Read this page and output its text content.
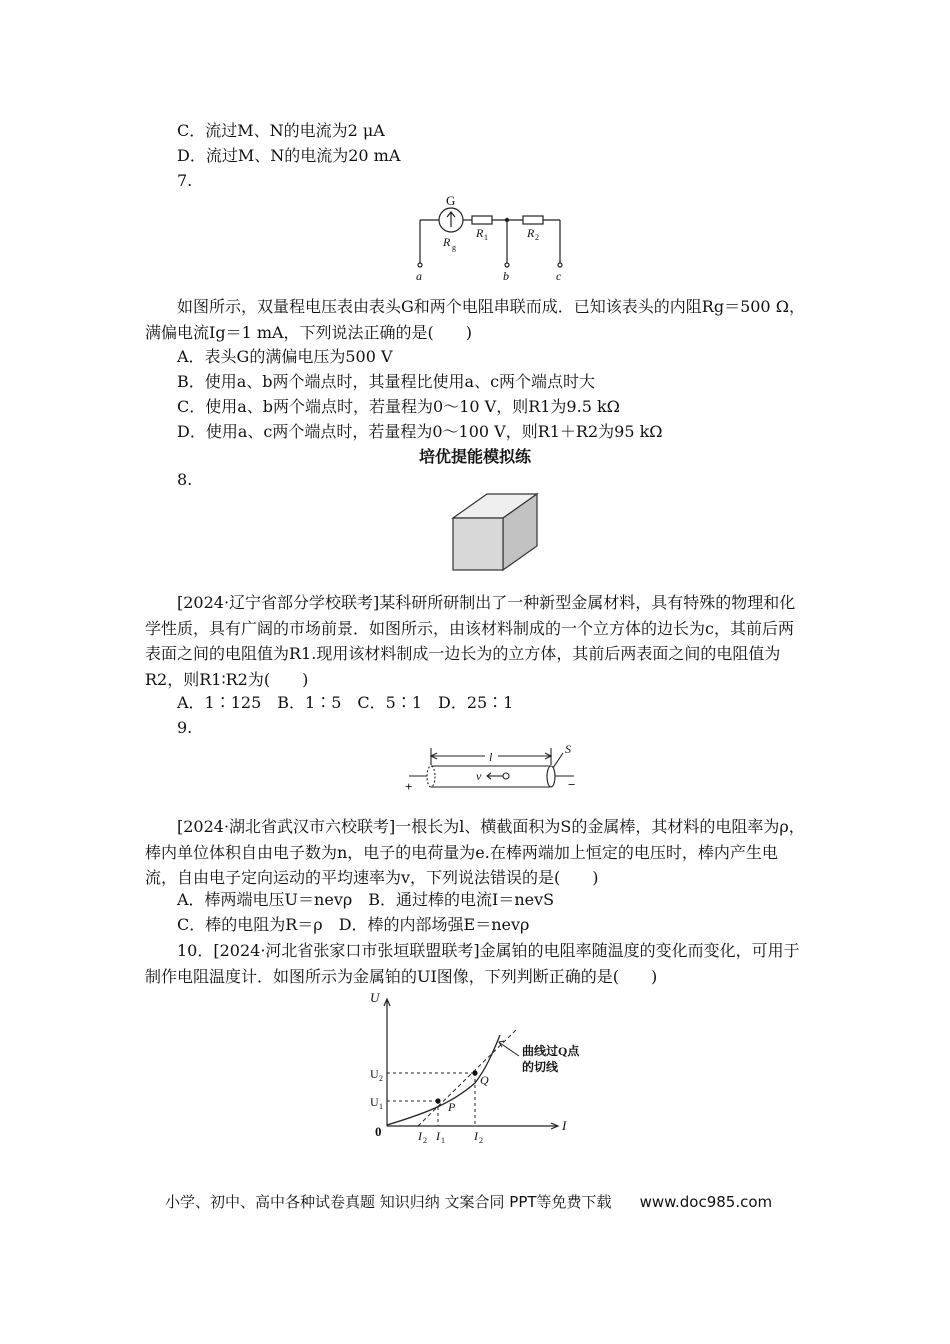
C．流过M、N的电流为2 μA
D．流过M、N的电流为20 mA
7.
G
R g
R 1	R 2
a	b	c
如图所示，双量程电压表由表头G和两个电阻串联而成．已知该表头的内阻Rg＝500 Ω，满偏电流Ig＝1 mA，下列说法正确的是(　　)
A．表头G的满偏电压为500 V
B．使用a、b两个端点时，其量程比使用a、c两个端点时大
C．使用a、b两个端点时，若量程为0～10 V，则R1为9.5 kΩ
D．使用a、c两个端点时，若量程为0～100 V，则R1＋R2为95 kΩ
培优提能模拟练
8.
[2024·辽宁省部分学校联考]某科研所研制出了一种新型金属材料，具有特殊的物理和化学性质，具有广阔的市场前景．如图所示，由该材料制成的一个立方体的边长为c，其前后两表面之间的电阻值为R1.现用该材料制成一边长为的立方体，其前后两表面之间的电阻值为R2，则R1∶R2为(　　)
A．1∶125　B．1∶5　C．5∶1　D．25∶1
9.
l
S
v
+	−
[2024·湖北省武汉市六校联考]一根长为l、横截面积为S的金属棒，其材料的电阻率为ρ，棒内单位体积自由电子数为n，电子的电荷量为e.在棒两端加上恒定的电压时，棒内产生电流，自由电子定向运动的平均速率为v，下列说法错误的是(　　)
A．棒两端电压U＝nevρ　B．通过棒的电流I＝nevS
C．棒的电阻为R＝ρ　D．棒的内部场强E＝nevρ
10．[2024·河北省张家口市张垣联盟联考]金属铂的电阻率随温度的变化而变化，可用于制作电阻温度计．如图所示为金属铂的UI图像，下列判断正确的是(　　)
U
I
0
U 2
U 1	P
Q
I 2 I 1 I 2
曲线过Q点
的切线
小学、初中、高中各种试卷真题 知识归纳 文案合同 PPT等免费下载 www.doc985.com
